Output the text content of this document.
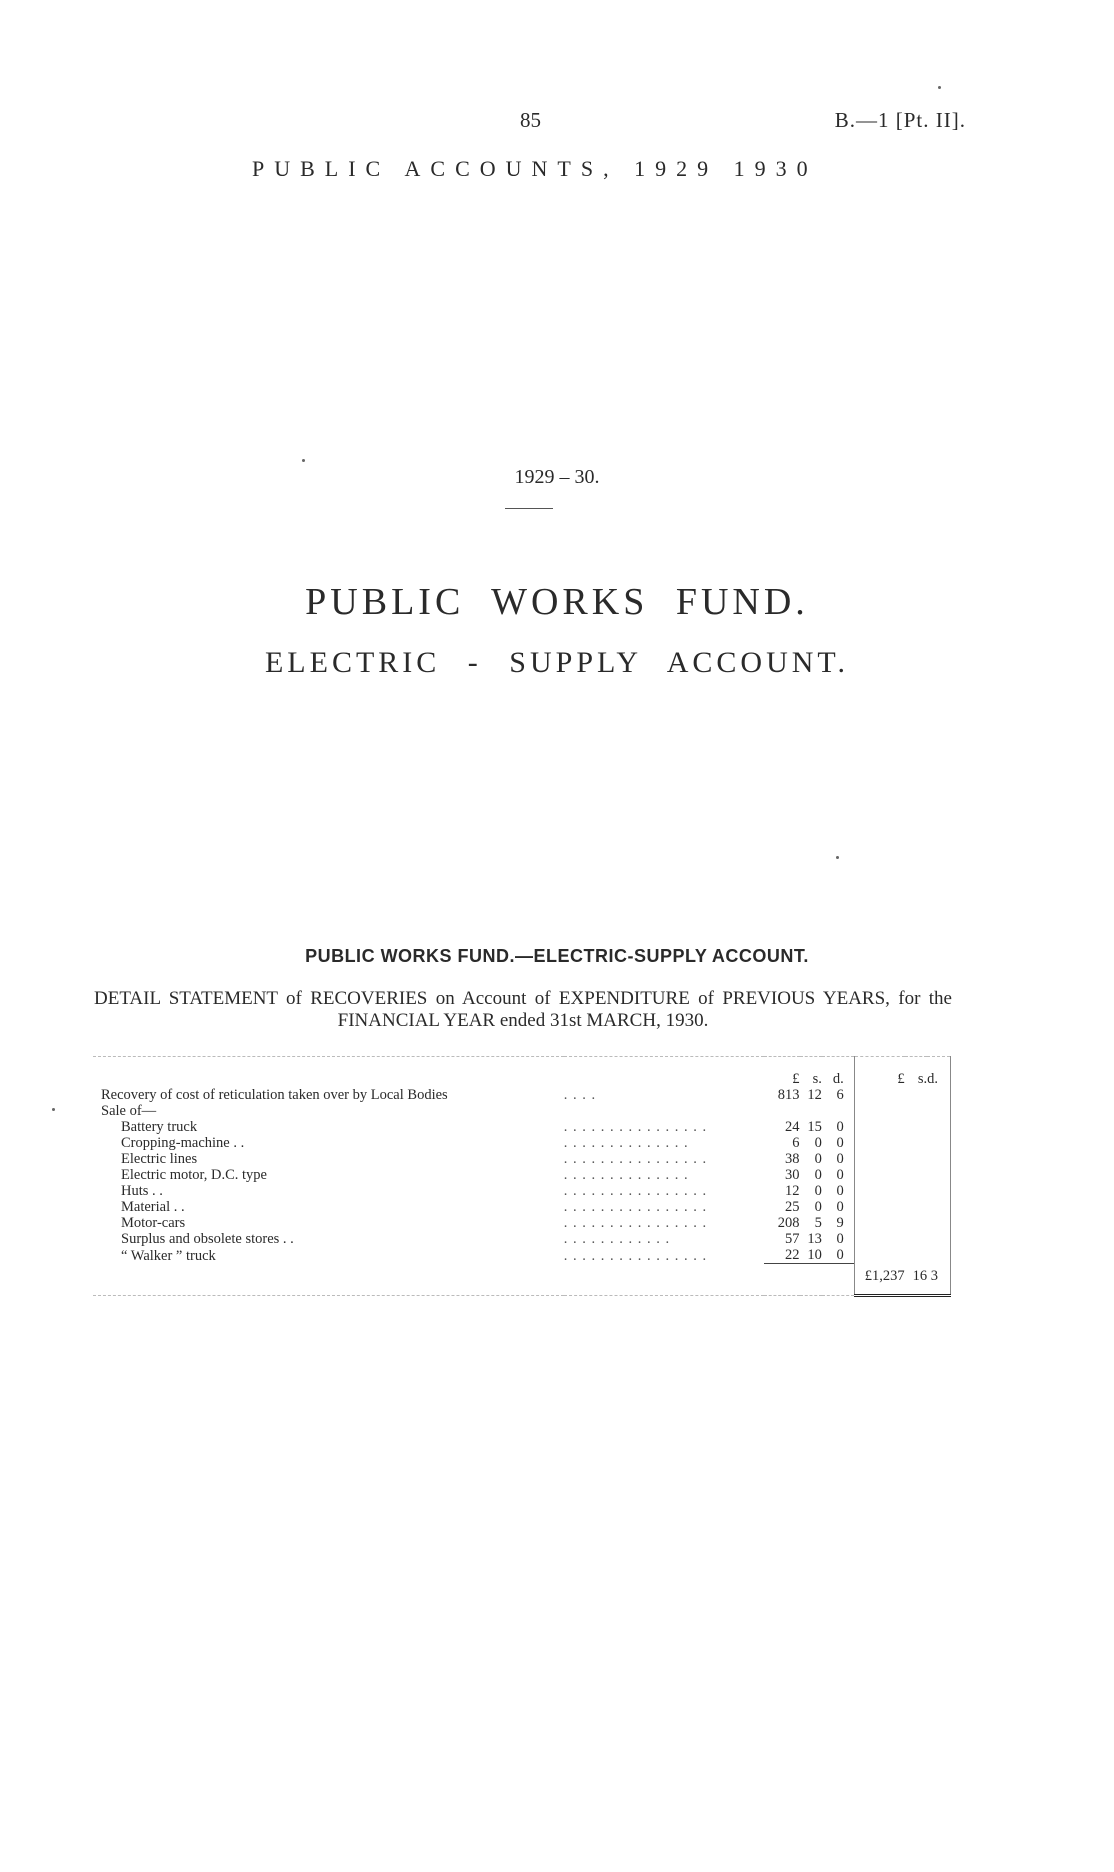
85	B.—1 [Pt. II].
PUBLIC ACCOUNTS, 1929 1930
1929 – 30.
PUBLIC WORKS FUND.
ELECTRIC - SUPPLY ACCOUNT.
PUBLIC WORKS FUND.—ELECTRIC-SUPPLY ACCOUNT.
DETAIL STATEMENT of RECOVERIES on Account of EXPENDITURE of PREVIOUS YEARS, for the FINANCIAL YEAR ended 31st MARCH, 1930.
		£	s.	d.	£	s.	d.
Recovery of cost of reticulation taken over by Local Bodies	. . . .	813	12	6			
Sale of—							
Battery truck	. . . . . . . . . . . . . . . .	24	15	0			
Cropping-machine . .	. . . . . . . . . . . . . .	6	0	0			
Electric lines	. . . . . . . . . . . . . . . .	38	0	0			
Electric motor, D.C. type	. . . . . . . . . . . . . .	30	0	0			
Huts . .	. . . . . . . . . . . . . . . .	12	0	0			
Material . .	. . . . . . . . . . . . . . . .	25	0	0			
Motor-cars	. . . . . . . . . . . . . . . .	208	5	9			
Surplus and obsolete stores . .	. . . . . . . . . . . .	57	13	0			
“ Walker ” truck	. . . . . . . . . . . . . . . .	22	10	0			
					£1,237	16	3
